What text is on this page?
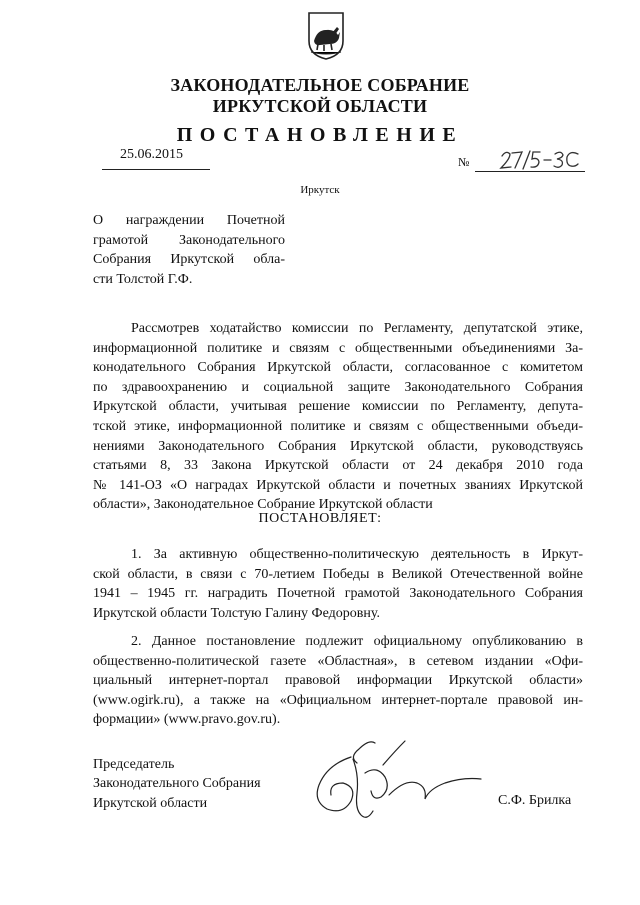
ЗАКОНОДАТЕЛЬНОЕ СОБРАНИЕ
ИРКУТСКОЙ ОБЛАСТИ
ПОСТАНОВЛЕНИЕ
25.06.2015	№
Иркутск
О награждении Почетной
грамотой Законодательного
Собрания Иркутской обла-
сти Толстой Г.Ф.
Рассмотрев ходатайство комиссии по Регламенту, депутатской этике,
информационной политике и связям с общественными объединениями За-
конодательного Собрания Иркутской области, согласованное с комитетом
по здравоохранению и социальной защите Законодательного Собрания
Иркутской области, учитывая решение комиссии по Регламенту, депута-
тской этике, информационной политике и связям с общественными объеди-
нениями Законодательного Собрания Иркутской области, руководствуясь
статьями 8, 33 Закона Иркутской области от 24 декабря 2010 года
№ 141-ОЗ «О наградах Иркутской области и почетных званиях Иркутской
области», Законодательное Собрание Иркутской области
ПОСТАНОВЛЯЕТ:
1. За активную общественно-политическую деятельность в Иркут-
ской области, в связи с 70-летием Победы в Великой Отечественной войне
1941 – 1945 гг. наградить Почетной грамотой Законодательного Собрания
Иркутской области Толстую Галину Федоровну.
2. Данное постановление подлежит официальному опубликованию в
общественно-политической газете «Областная», в сетевом издании «Офи-
циальный интернет-портал правовой информации Иркутской области»
(www.ogirk.ru), а также на «Официальном интернет-портале правовой ин-
формации» (www.pravo.gov.ru).
Председатель
Законодательного Собрания
Иркутской области	С.Ф. Брилка
